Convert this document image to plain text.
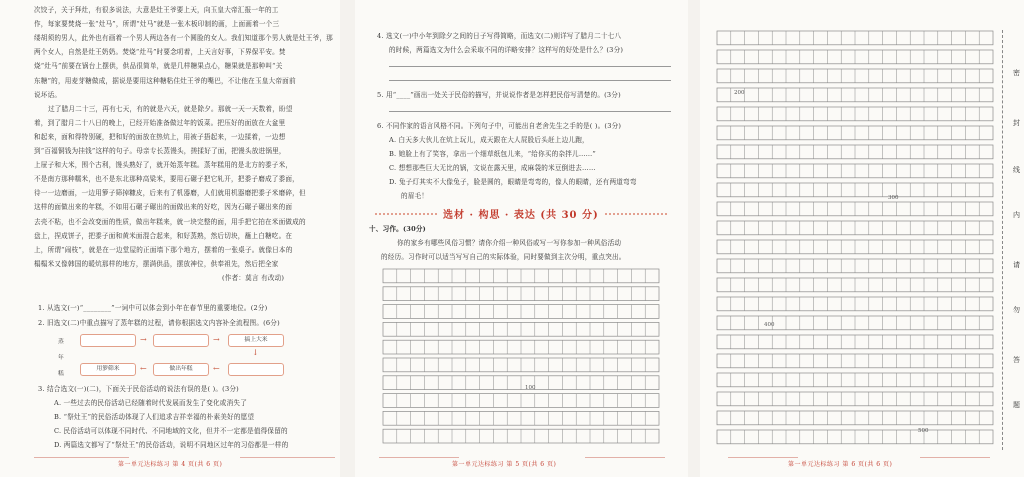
次饺子，关于拜灶，有很多说法，大意是灶王爷要上天，向玉皇大帝汇报一年的工
作，每家要焚烧一张“灶马”，所谓“灶马”就是一张木板印制的画，上面画着一个三
缕胡须的男人，此外也有画着一个男人两边各有一个圆脸的女人。我们知道那个男人就是灶王爷，那
两个女人，自然是灶王奶奶。焚烧“灶马”时要念叨着，上天言好事，下界保平安。焚
烧“灶马”前要在锅台上摆供，供品很简单，就是几样糖果点心，糖果就是那种叫“关
东糖”的，用麦芽糖做成，据说是要用这种糖粘住灶王爷的嘴巴，不让他在玉皇大帝面前
说坏话。
过了腊月二十三，再有七天，有的就是六天，就是除夕。那就一天一天数着，盼望
着，到了腊月二十八日的晚上，已经开始准备做过年的饭菜。把压好的面放在大盆里
和起来，面和得特别硬，把和好的面放在热炕上，用被子捂起来，一边揉着，一边想
到“百福铜钱为挂钱”这样的句子。母亲专长蒸馒头，搓揉好了面，把馒头放进锅里，
上屉子和大米，围个古利，馒头熟好了，就开始蒸年糕。蒸年糕用的是北方的黍子米，
不是南方那种糯米，也不是东北那种高粱米，要用石碾子把它轧开，把黍子磨成了黍面，
待一一边磨面，一边用箩子筛掉糠皮，后来有了机器磨，人们就用机器磨把黍子米磨碎，但
这样的面做出来的年糕，不如用石碾子碾出的面做出来的好吃，因为石碾子碾出来的面
去壳不粘，也不会改变面的性质，做出年糕来，就一块完整的面，用手把它拍在米面做成的
盘上，捏成饼子，把黍子面和黄米面混合起来，和好蒸熟，然后切块，蘸上白糖吃。在
上，所谓“闹枝”，就是在一边堂屋的正面墙下那个地方，摆着的一张桌子。就像日本的
榻榻米又像韩国的暖炕那样的地方，摆满供品，摆放神位，供奉祖先，然后把全家
(作者：莫言 有改动)
1. 从选文(一)“________”一词中可以体会到小年在春节里的重要地位。(2分)
2. 旧选文(二)中重点描写了蒸年糕的过程，请你根据选文内容补全流程图。(6分)
蒸
年
糕
→	→	搞上大米
↓
用箩筛米	←	做出年糕	←
3. 结合选文(一)(二)，下面关于民俗活动的说法有误的是( )。(3分)
A. 一些过去的民俗活动已经随着时代发展而发生了变化或消失了
B. “祭灶王”的民俗活动体现了人们追求吉祥幸福的朴素美好的愿望
C. 民俗活动可以体现不同时代、不同地域的文化，但并不一定都是值得保留的
D. 两篇选文都写了“祭灶王”的民俗活动，说明不同地区过年的习俗都是一样的
第一单元达标练习 第 4 页(共 6 页)
4. 选文(一)中小年到除夕之间的日子写得简略，而选文(二)则详写了腊月二十七八
的时候，两篇选文为什么会采取不同的详略安排？这样写的好处是什么？(3分)
5. 用“____”画出一处关于民俗的描写，并说说作者是怎样把民俗写清楚的。(3分)
6. 不同作家的语言风格不同。下列句子中，可能出自老舍先生之手的是( )。(3分)
A. 白天多大伙儿在炕上玩儿，成天跟在大人屁股后头赶上边儿跑，
B. 她脸上有了笑容，拿出一个细草纸包儿来，“给你买的杂拌儿……”
C. 想想那些巨大无比的锅，文说在露天里，成麻袋的米豆倒进去……
D. 兔子灯其实不大像兔子，脸是圆的，眼睛是弯弯的，像人的眼睛，还有两道弯弯
的眉毛！
选材 · 构思 · 表达 (共 30 分)
十、习作。(30分)
你的家乡有哪些风俗习惯？请你介绍一种风俗或写一写你参加一种风俗活动
的经历。习作时可以适当写写自己的实际体验，同时要做到主次分明，重点突出。
100
第一单元达标练习 第 5 页(共 6 页)
200
300
400
500
密
封
线
内
请
勿
答
题
第一单元达标练习 第 6 页(共 6 页)
